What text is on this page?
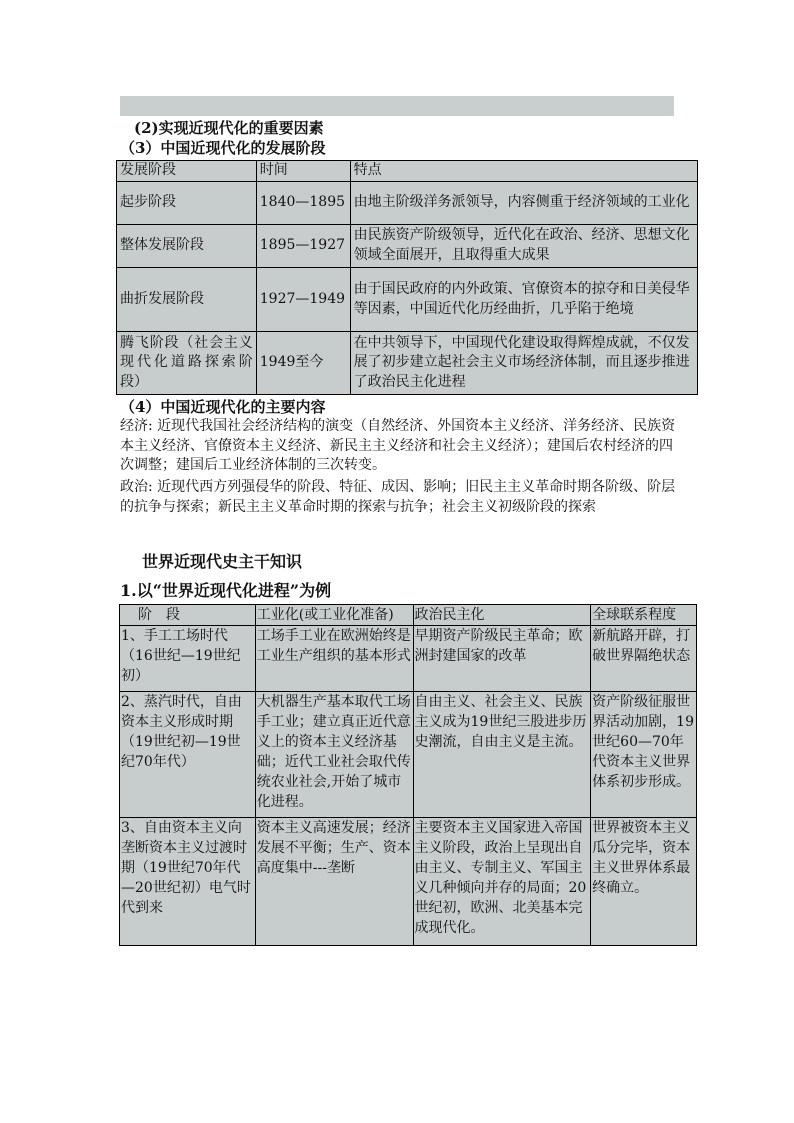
(2)实现近现代化的重要因素
（3）中国近现代化的发展阶段
发展阶段	时间	特点
起步阶段	1840—1895	由地主阶级洋务派领导，内容侧重于经济领域的工业化
整体发展阶段	1895—1927	由民族资产阶级领导，近代化在政治、经济、思想文化领域全面展开，且取得重大成果
曲折发展阶段	1927—1949	由于国民政府的内外政策、官僚资本的掠夺和日美侵华等因素，中国近代化历经曲折，几乎陷于绝境
腾飞阶段（社会主义现代化道路探索阶段）	1949至今	在中共领导下，中国现代化建设取得辉煌成就，不仅发展了初步建立起社会主义市场经济体制，而且逐步推进了政治民主化进程
（4）中国近现代化的主要内容
经济: 近现代我国社会经济结构的演变（自然经济、外国资本主义经济、洋务经济、民族资本主义经济、官僚资本主义经济、新民主主义经济和社会主义经济）；建国后农村经济的四次调整；建国后工业经济体制的三次转变。
政治: 近现代西方列强侵华的阶段、特征、成因、影响；旧民主主义革命时期各阶级、阶层的抗争与探索；新民主主义革命时期的探索与抗争；社会主义初级阶段的探索
世界近现代史主干知识
1.以“世界近现代化进程”为例
阶　段	工业化(或工业化准备)	政治民主化	全球联系程度
1、手工工场时代（16世纪—19世纪初）	工场手工业在欧洲始终是工业生产组织的基本形式	早期资产阶级民主革命；欧洲封建国家的改革	新航路开辟，打破世界隔绝状态
2、蒸汽时代，自由资本主义形成时期（19世纪初—19世纪70年代）	大机器生产基本取代工场手工业；建立真正近代意义上的资本主义经济基础；近代工业社会取代传统农业社会,开始了城市化进程。	自由主义、社会主义、民族主义成为19世纪三股进步历史潮流，自由主义是主流。	资产阶级征服世界活动加剧，19世纪60—70年代资本主义世界体系初步形成。
3、自由资本主义向垄断资本主义过渡时期（19世纪70年代—20世纪初）电气时代到来	资本主义高速发展；经济发展不平衡；生产、资本高度集中---垄断	主要资本主义国家进入帝国主义阶段，政治上呈现出自由主义、专制主义、军国主义几种倾向并存的局面；20世纪初，欧洲、北美基本完成现代化。	世界被资本主义瓜分完毕，资本主义世界体系最终确立。
